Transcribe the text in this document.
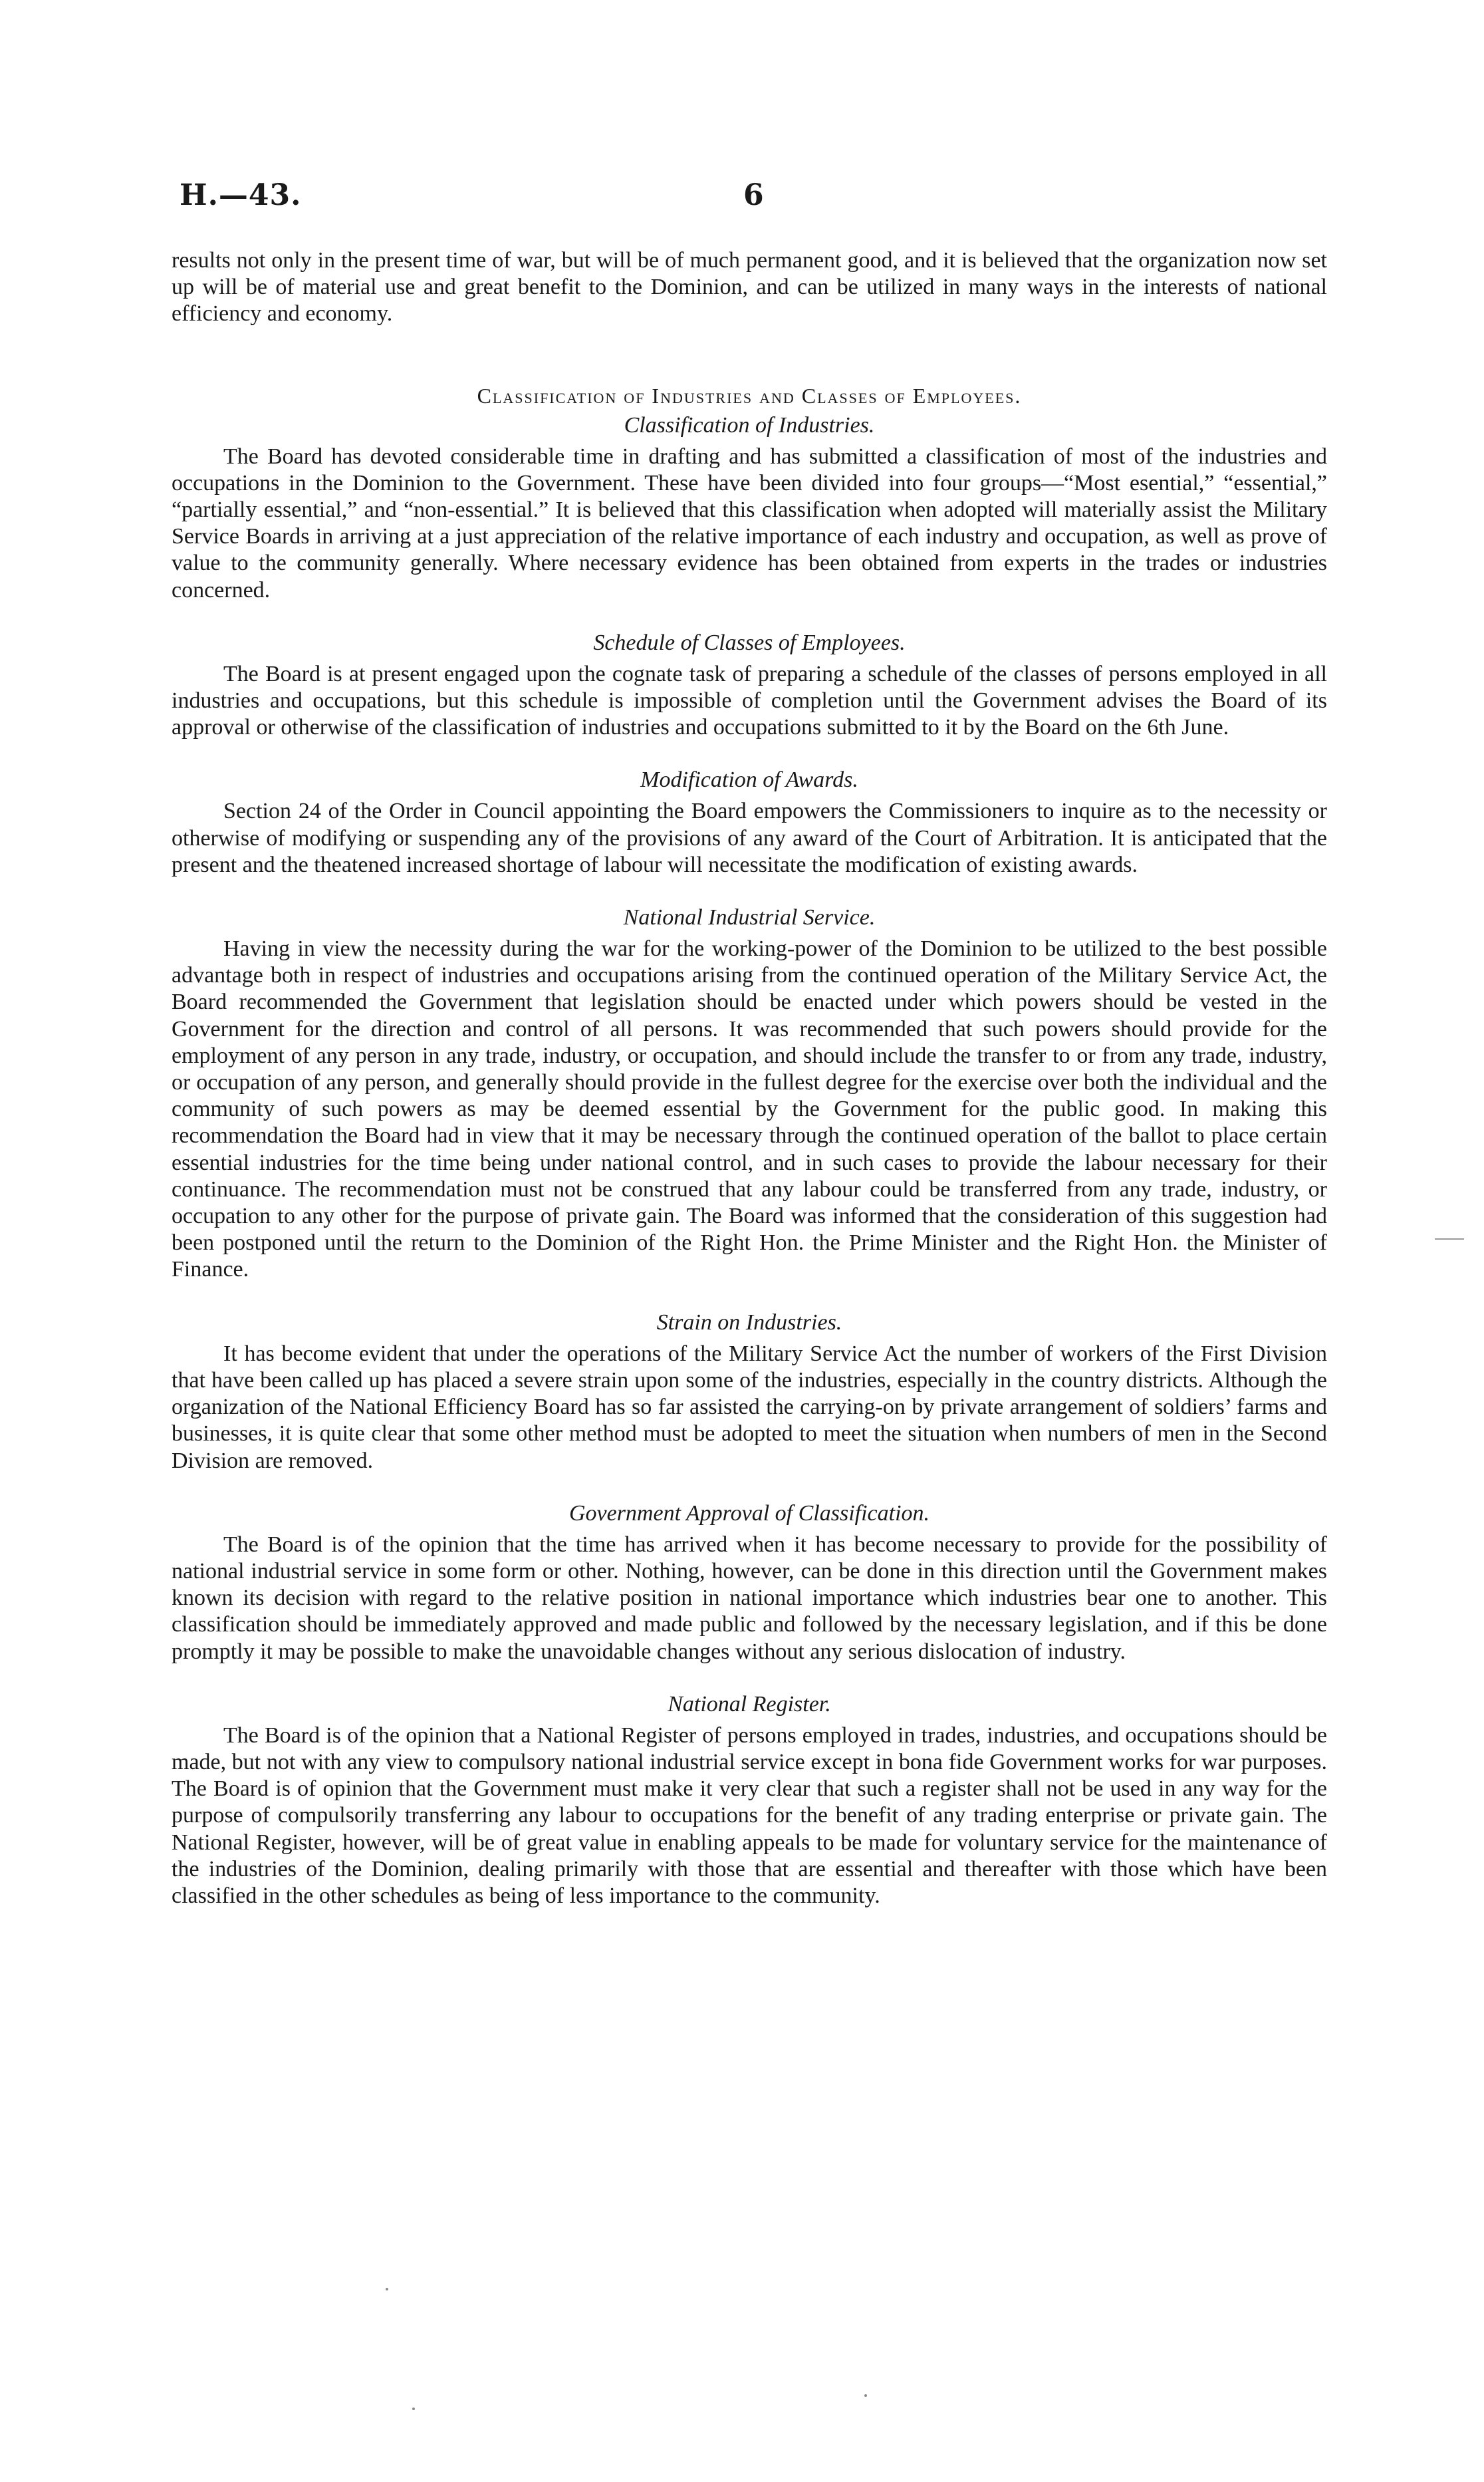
H.—43.	6

results not only in the present time of war, but will be of much permanent good, and it is believed that the organization now set up will be of material use and great benefit to the Dominion, and can be utilized in many ways in the interests of national efficiency and economy.

Classification of Industries and Classes of Employees.
Classification of Industries.

The Board has devoted considerable time in drafting and has submitted a classification of most of the industries and occupations in the Dominion to the Government. These have been divided into four groups—“Most esential,” “essential,” “partially essential,” and “non-essential.” It is believed that this classification when adopted will materially assist the Military Service Boards in arriving at a just appreciation of the relative importance of each industry and occupation, as well as prove of value to the community generally. Where necessary evidence has been obtained from experts in the trades or industries concerned.

Schedule of Classes of Employees.

The Board is at present engaged upon the cognate task of preparing a schedule of the classes of persons employed in all industries and occupations, but this schedule is impossible of completion until the Government advises the Board of its approval or otherwise of the classification of industries and occupations submitted to it by the Board on the 6th June.

Modification of Awards.

Section 24 of the Order in Council appointing the Board empowers the Commissioners to inquire as to the necessity or otherwise of modifying or suspending any of the provisions of any award of the Court of Arbitration. It is anticipated that the present and the theatened increased shortage of labour will necessitate the modification of existing awards.

National Industrial Service.

Having in view the necessity during the war for the working-power of the Dominion to be utilized to the best possible advantage both in respect of industries and occupations arising from the continued operation of the Military Service Act, the Board recommended the Government that legislation should be enacted under which powers should be vested in the Government for the direction and control of all persons. It was recommended that such powers should provide for the employment of any person in any trade, industry, or occupation, and should include the transfer to or from any trade, industry, or occupation of any person, and generally should provide in the fullest degree for the exercise over both the individual and the community of such powers as may be deemed essential by the Government for the public good. In making this recommendation the Board had in view that it may be necessary through the continued operation of the ballot to place certain essential industries for the time being under national control, and in such cases to provide the labour necessary for their continuance. The recommendation must not be construed that any labour could be transferred from any trade, industry, or occupation to any other for the purpose of private gain. The Board was informed that the consideration of this suggestion had been postponed until the return to the Dominion of the Right Hon. the Prime Minister and the Right Hon. the Minister of Finance.

Strain on Industries.

It has become evident that under the operations of the Military Service Act the number of workers of the First Division that have been called up has placed a severe strain upon some of the industries, especially in the country districts. Although the organization of the National Efficiency Board has so far assisted the carrying-on by private arrangement of soldiers’ farms and businesses, it is quite clear that some other method must be adopted to meet the situation when numbers of men in the Second Division are removed.

Government Approval of Classification.

The Board is of the opinion that the time has arrived when it has become necessary to provide for the possibility of national industrial service in some form or other. Nothing, however, can be done in this direction until the Government makes known its decision with regard to the relative position in national importance which industries bear one to another. This classification should be immediately approved and made public and followed by the necessary legislation, and if this be done promptly it may be possible to make the unavoidable changes without any serious dislocation of industry.

National Register.

The Board is of the opinion that a National Register of persons employed in trades, industries, and occupations should be made, but not with any view to compulsory national industrial service except in bona fide Government works for war purposes. The Board is of opinion that the Government must make it very clear that such a register shall not be used in any way for the purpose of compulsorily transferring any labour to occupations for the benefit of any trading enterprise or private gain. The National Register, however, will be of great value in enabling appeals to be made for voluntary service for the maintenance of the industries of the Dominion, dealing primarily with those that are essential and thereafter with those which have been classified in the other schedules as being of less importance to the community.
